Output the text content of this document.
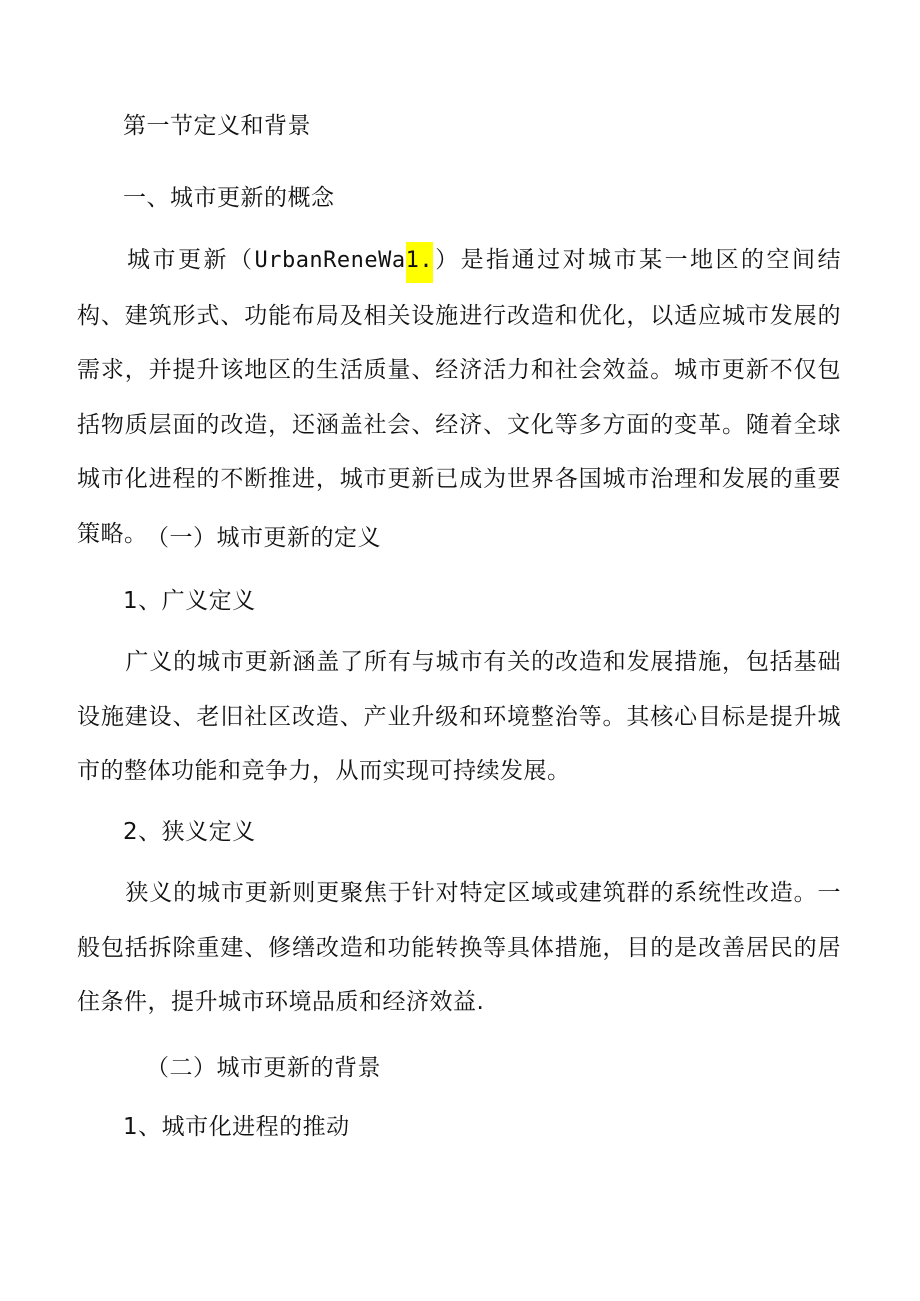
第一节定义和背景
一、城市更新的概念
城市更新（UrbanReneWa1.）是指通过对城市某一地区的空间结构、建筑形式、功能布局及相关设施进行改造和优化，以适应城市发展的需求，并提升该地区的生活质量、经济活力和社会效益。城市更新不仅包括物质层面的改造，还涵盖社会、经济、文化等多方面的变革。随着全球城市化进程的不断推进，城市更新已成为世界各国城市治理和发展的重要策略。
（一）城市更新的定义
1、广义定义
广义的城市更新涵盖了所有与城市有关的改造和发展措施，包括基础设施建设、老旧社区改造、产业升级和环境整治等。其核心目标是提升城市的整体功能和竞争力，从而实现可持续发展。
2、狭义定义
狭义的城市更新则更聚焦于针对特定区域或建筑群的系统性改造。一般包括拆除重建、修缮改造和功能转换等具体措施，目的是改善居民的居住条件，提升城市环境品质和经济效益.
（二）城市更新的背景
1、城市化进程的推动
